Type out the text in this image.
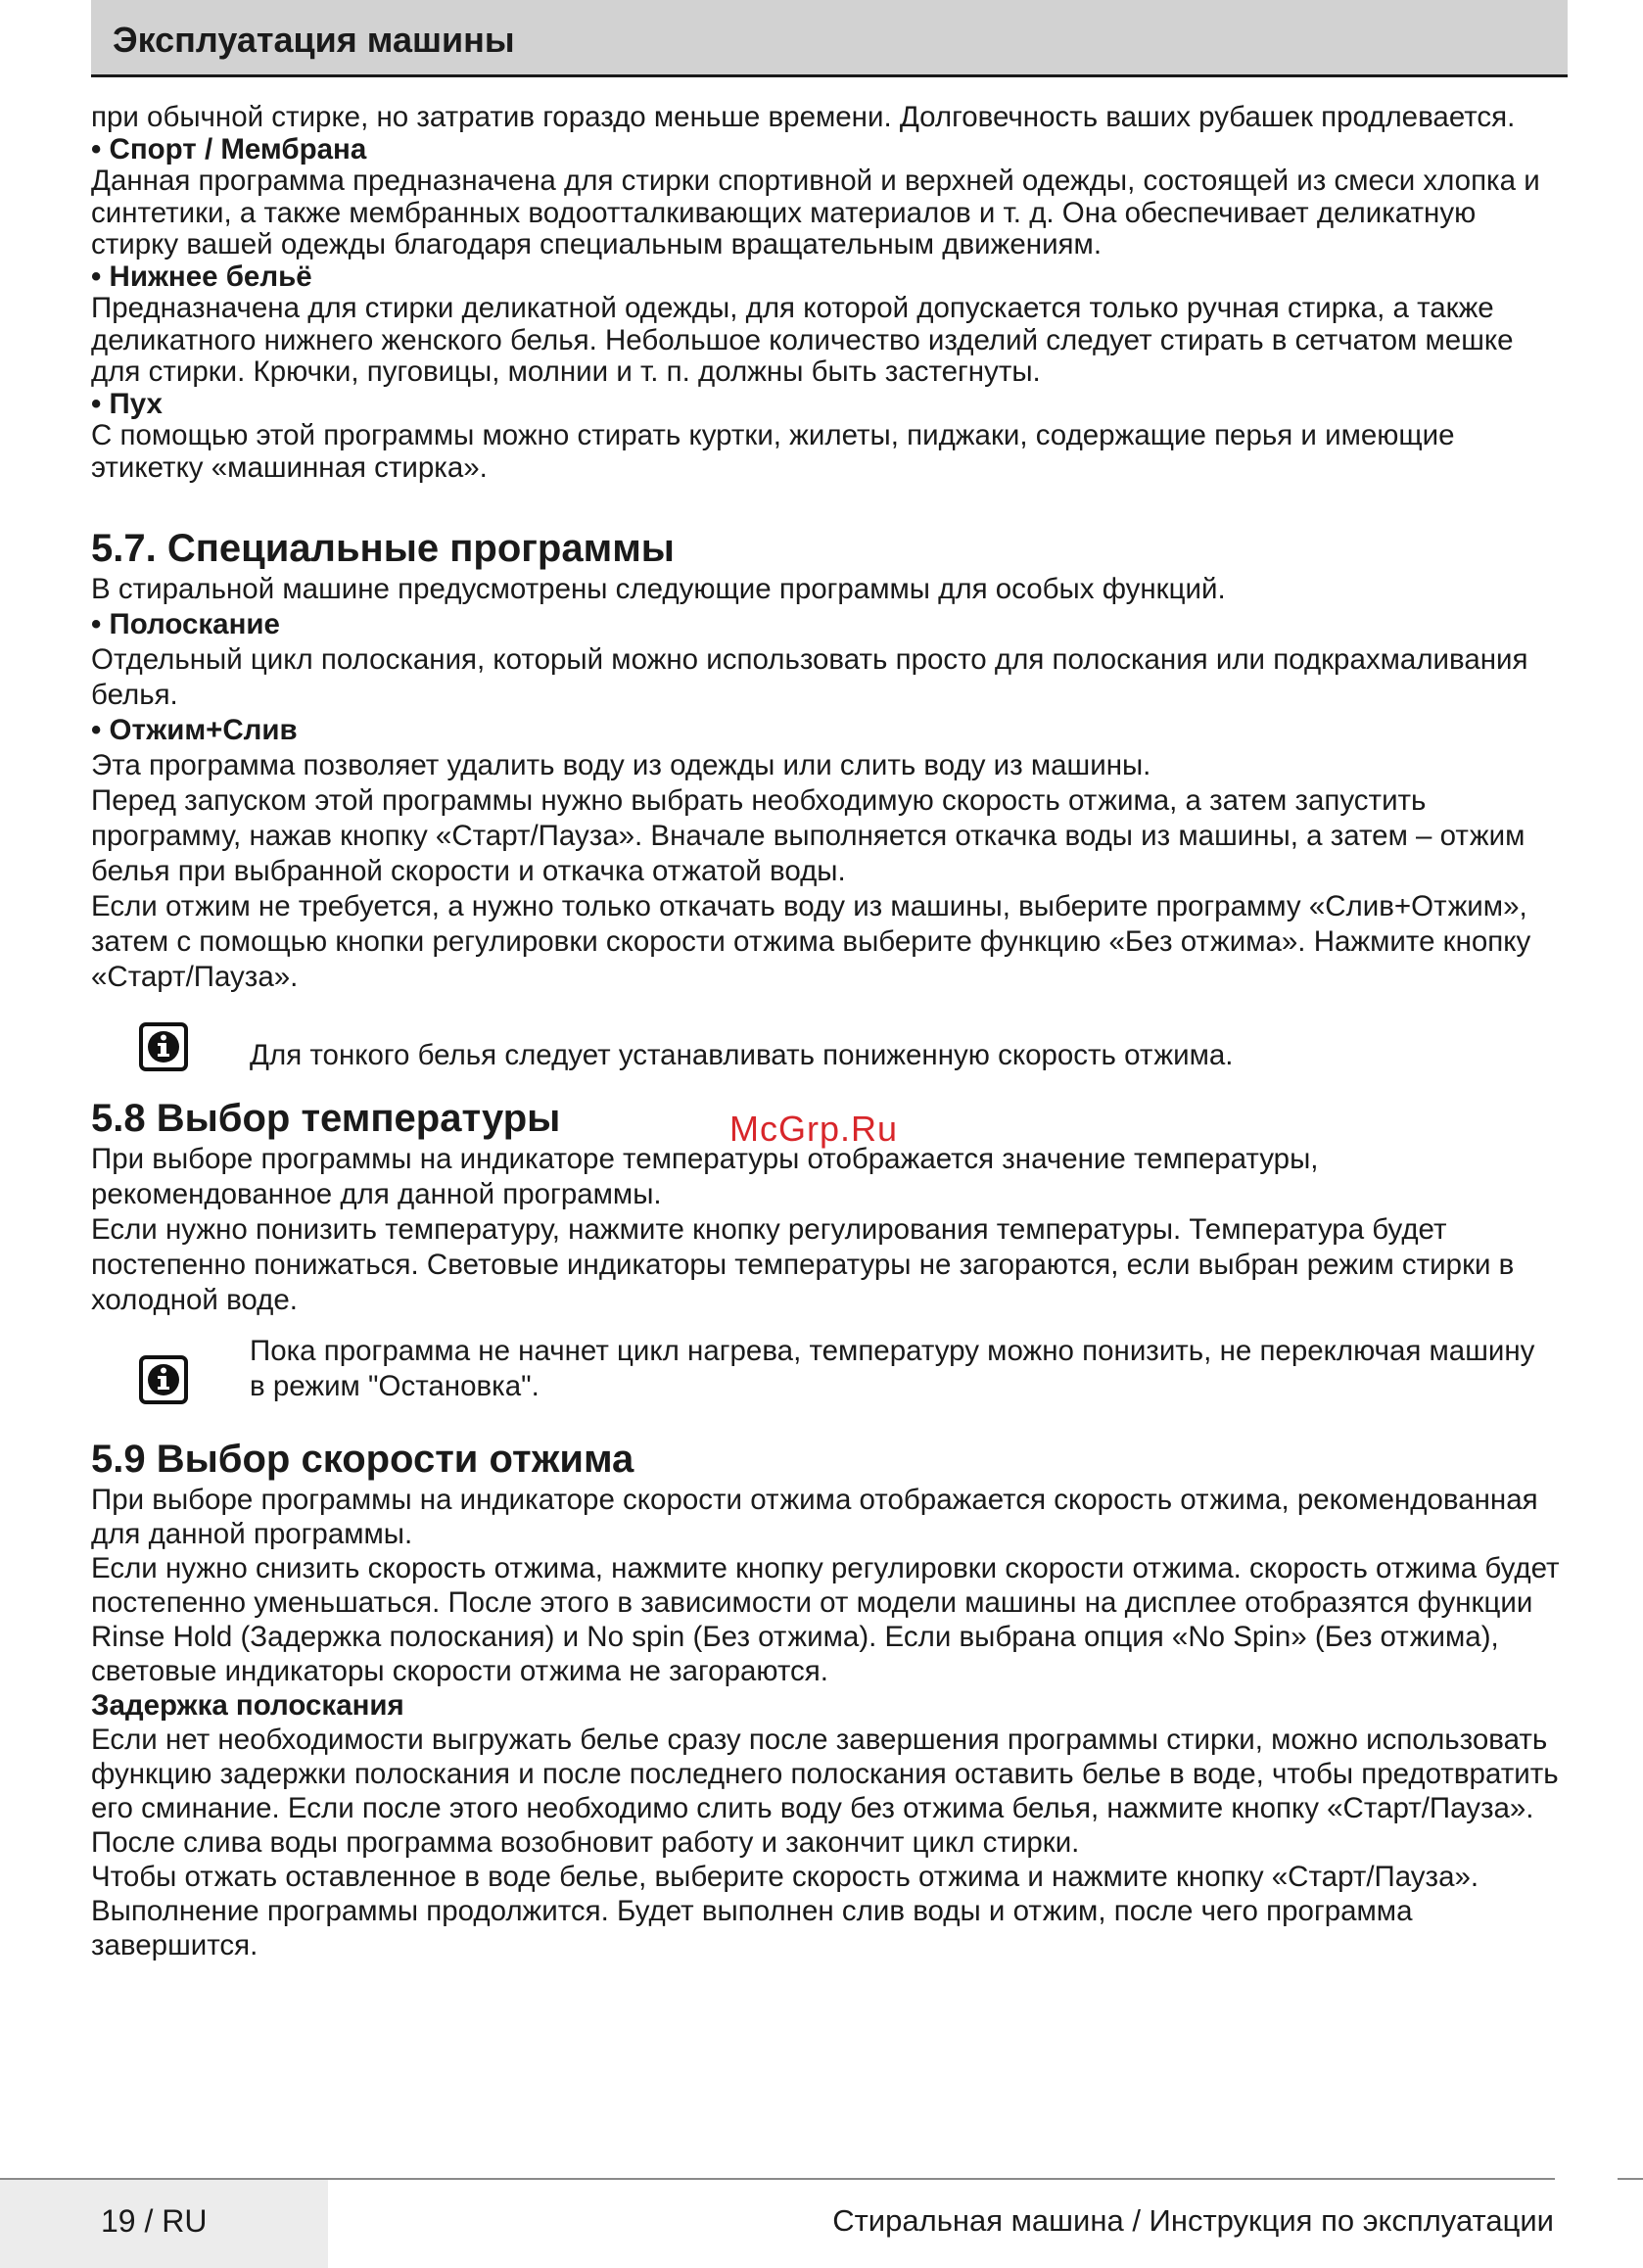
Эксплуатация машины

при обычной стирке, но затратив гораздо меньше времени. Долговечность ваших рубашек продлевается.

• Спорт / Мембрана

Данная программа предназначена для стирки спортивной и верхней одежды, состоящей из смеси хлопка и синтетики, а также мембранных водоотталкивающих материалов и т. д. Она обеспечивает деликатную стирку вашей одежды благодаря специальным вращательным движениям.

• Нижнее бельё

Предназначена для стирки деликатной одежды, для которой допускается только ручная стирка, а также деликатного нижнего женского белья. Небольшое количество изделий следует стирать в сетчатом мешке для стирки. Крючки, пуговицы, молнии и т. п. должны быть застегнуты.

• Пух

С помощью этой программы можно стирать куртки, жилеты, пиджаки, содержащие перья и имеющие этикетку «машинная стирка».

5.7. Специальные программы

В стиральной машине предусмотрены следующие программы для особых функций.

• Полоскание

Отдельный цикл полоскания, который можно использовать просто для полоскания или подкрахмаливания белья.

• Отжим+Слив

Эта программа позволяет удалить воду из одежды или слить воду из машины.

Перед запуском этой программы нужно выбрать необходимую скорость отжима, а затем запустить программу, нажав кнопку «Старт/Пауза». Вначале выполняется откачка воды из машины, а затем – отжим белья при выбранной скорости и откачка отжатой воды.

Если отжим не требуется, а нужно только откачать воду из машины, выберите программу «Слив+Отжим», затем с помощью кнопки регулировки скорости отжима выберите функцию «Без отжима». Нажмите кнопку «Старт/Пауза».

Для тонкого белья следует устанавливать пониженную скорость отжима.

5.8 Выбор температуры

При выборе программы на индикаторе температуры отображается значение температуры, рекомендованное для данной программы.

Если нужно понизить температуру, нажмите кнопку регулирования температуры. Температура будет постепенно понижаться. Световые индикаторы температуры не загораются, если выбран режим стирки в холодной воде.

Пока программа не начнет цикл нагрева, температуру можно понизить, не переключая машину в режим "Остановка".

5.9 Выбор скорости отжима

При выборе программы на индикаторе скорости отжима отображается скорость отжима, рекомендованная для данной программы.

Если нужно снизить скорость отжима, нажмите кнопку регулировки скорости отжима. скорость отжима будет постепенно уменьшаться. После этого в зависимости от модели машины на дисплее отобразятся функции Rinse Hold (Задержка полоскания) и No spin (Без отжима). Если выбрана опция «No Spin» (Без отжима), световые индикаторы скорости отжима не загораются.

Задержка полоскания

Если нет необходимости выгружать белье сразу после завершения программы стирки, можно использовать функцию задержки полоскания и после последнего полоскания оставить белье в воде, чтобы предотвратить его сминание. Если после этого необходимо слить воду без отжима белья, нажмите кнопку «Старт/Пауза». После слива воды программа возобновит работу и закончит цикл стирки.

Чтобы отжать оставленное в воде белье, выберите скорость отжима и нажмите кнопку «Старт/Пауза».

Выполнение программы продолжится. Будет выполнен слив воды и отжим, после чего программа завершится.

McGrp.Ru
19 / RU	Стиральная машина / Инструкция по эксплуатации
